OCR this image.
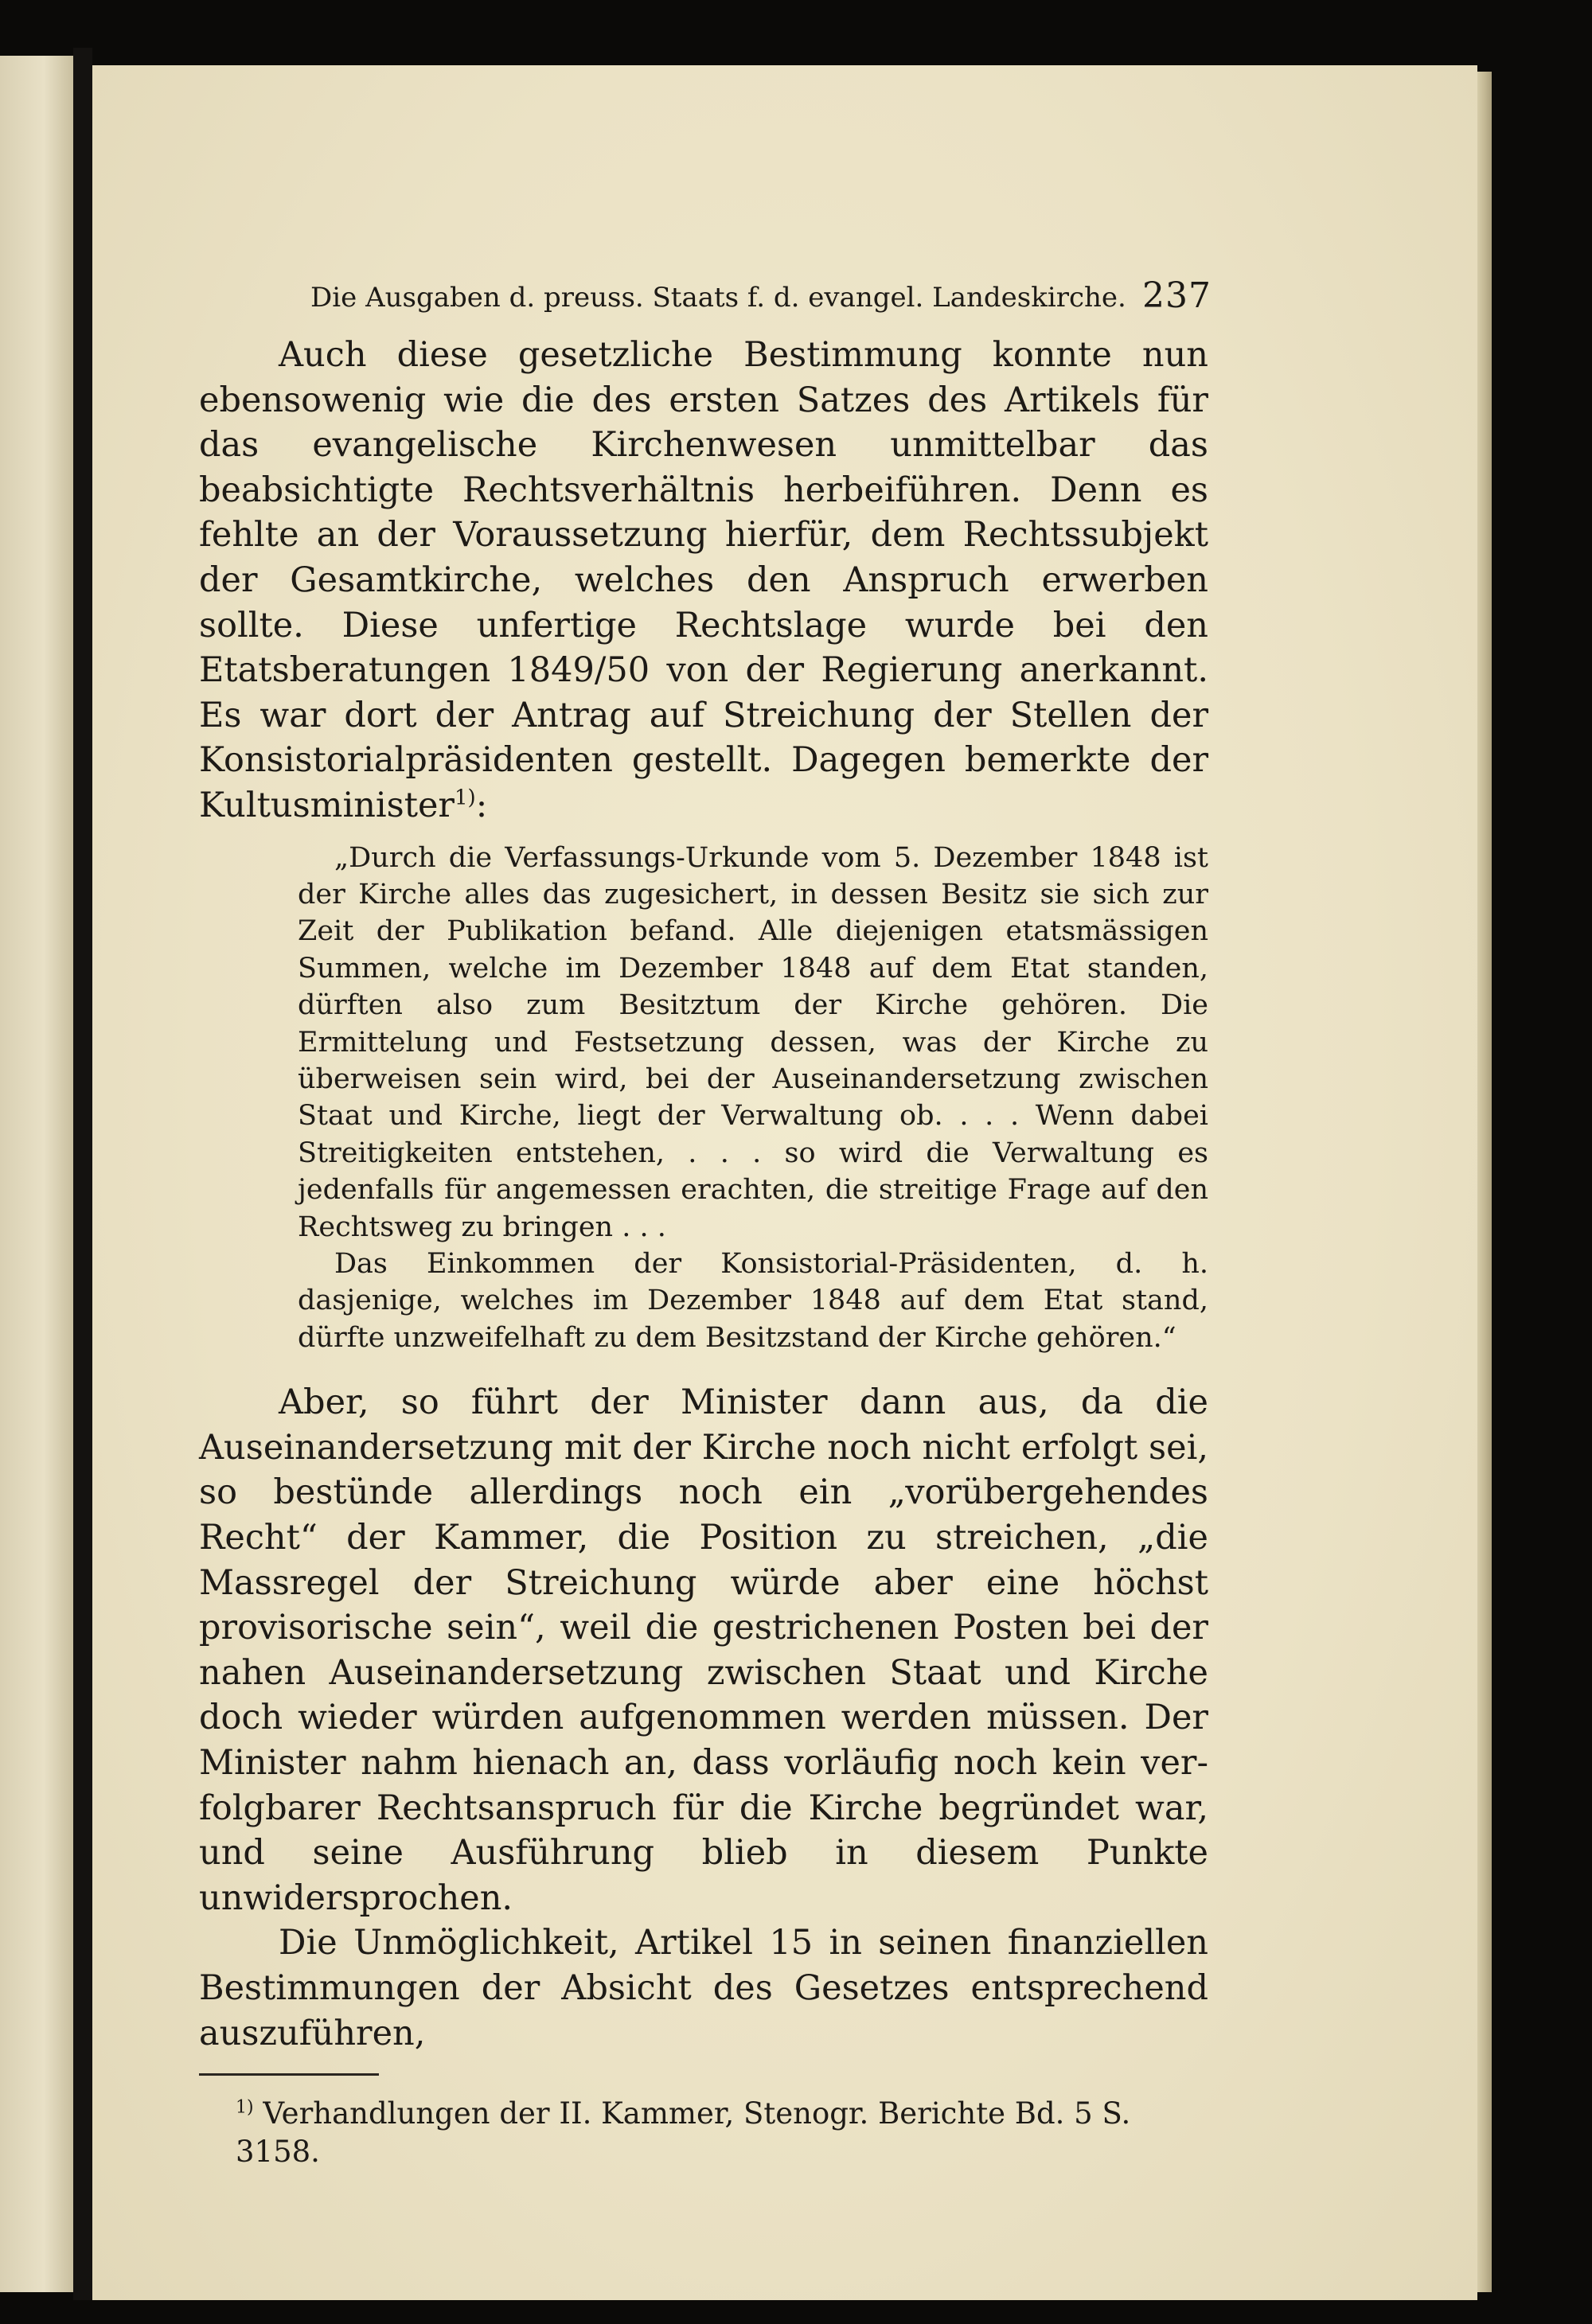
Die Ausgaben d. preuss. Staats f. d. evangel. Landeskirche. 237

Auch diese gesetzliche Bestimmung konnte nun ebensowenig wie die des ersten Satzes des Artikels für das evangelische Kirchenwesen unmittelbar das beabsichtigte Rechtsverhältnis herbeiführen. Denn es fehlte an der Voraussetzung hierfür, dem Rechtssubjekt der Gesamtkirche, welches den Anspruch erwerben sollte. Diese unfertige Rechtslage wurde bei den Etatsberatungen 1849/50 von der Regierung anerkannt. Es war dort der Antrag auf Streichung der Stellen der Konsistorialpräsidenten gestellt. Dagegen bemerkte der Kultusminister$^{1)}$:

„Durch die Verfassungs-Urkunde vom 5. Dezember 1848 ist der Kirche alles das zugesichert, in dessen Besitz sie sich zur Zeit der Publikation befand. Alle diejenigen etatsmässigen Summen, welche im Dezember 1848 auf dem Etat standen, dürften also zum Besitztum der Kirche gehören. Die Ermittelung und Festsetzung dessen, was der Kirche zu überweisen sein wird, bei der Auseinandersetzung zwischen Staat und Kirche, liegt der Verwaltung ob. . . . Wenn dabei Streitigkeiten entstehen, . . . so wird die Verwaltung es jedenfalls für angemessen erachten, die streitige Frage auf den Rechtsweg zu bringen . . .

Das Einkommen der Konsistorial-Präsidenten, d. h. dasjenige, welches im Dezember 1848 auf dem Etat stand, dürfte unzweifelhaft zu dem Besitzstand der Kirche gehören.“

Aber, so führt der Minister dann aus, da die Auseinandersetzung mit der Kirche noch nicht erfolgt sei, so bestünde allerdings noch ein „vorübergehendes Recht“ der Kammer, die Position zu streichen, „die Massregel der Streichung würde aber eine höchst provisorische sein“, weil die gestrichenen Posten bei der nahen Auseinandersetzung zwischen Staat und Kirche doch wieder würden aufgenommen werden müssen. Der Minister nahm hienach an, dass vorläufig noch kein verfolgbarer Rechtsanspruch für die Kirche begründet war, und seine Ausführung blieb in diesem Punkte unwidersprochen.

Die Unmöglichkeit, Artikel 15 in seinen finanziellen Bestimmungen der Absicht des Gesetzes entsprechend auszuführen,

$^{1)}$ Verhandlungen der II. Kammer, Stenogr. Berichte Bd. 5 S. 3158.
